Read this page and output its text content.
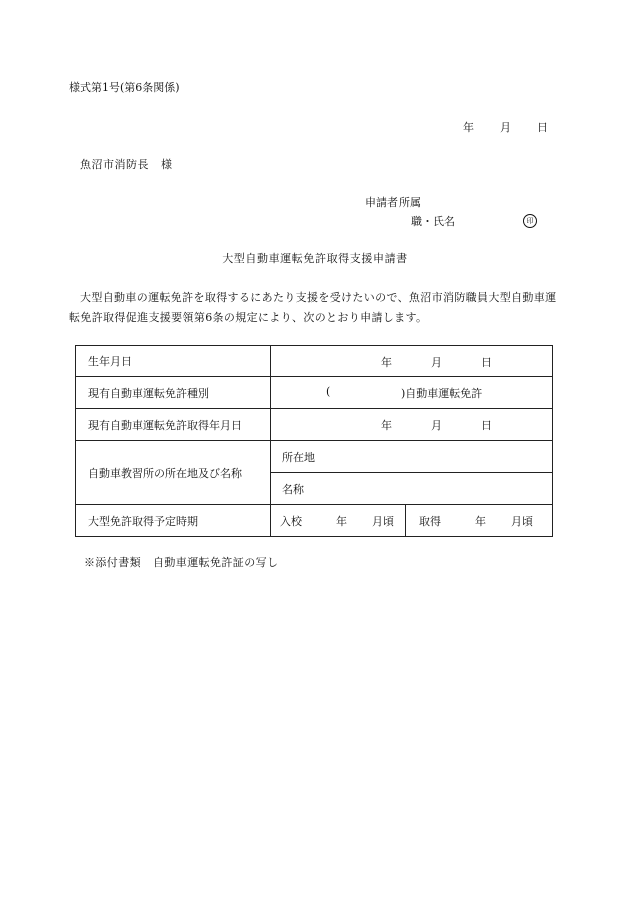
様式第1号(第6条関係)
年 月 日
魚沼市消防長 様
申請者 所属
職・氏名	印
大型自動車運転免許取得支援申請書
大型自動車の運転免許を取得するにあたり支援を受けたいので、魚沼市消防職員大型自動車運転免許取得促進支援要領第6条の規定により、次のとおり申請します。
生年月日	年 月 日	

現有自動車運転免許種別	( )自動車運転免許	

現有自動車運転免許取得年月日	年 月 日	

自動車教習所の所在地及び名称	所在地	
	名称	
大型免許取得予定時期	入校 年 月頃	取得 年 月頃
※添付書類 自動車運転免許証の写し
